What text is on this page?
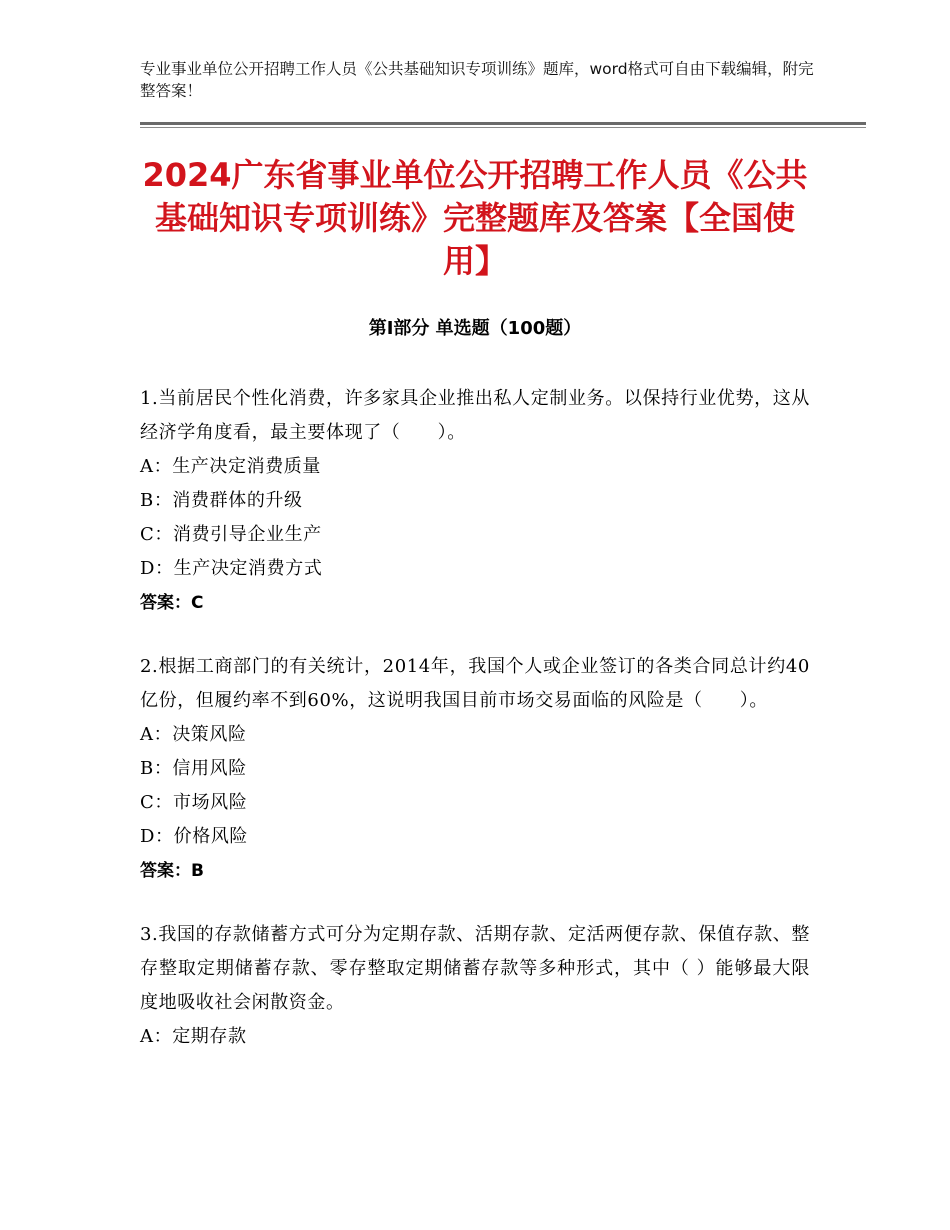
专业事业单位公开招聘工作人员《公共基础知识专项训练》题库，word格式可自由下载编辑，附完整答案！
2024广东省事业单位公开招聘工作人员《公共基础知识专项训练》完整题库及答案【全国使用】
第I部分 单选题（100题）
1.当前居民个性化消费，许多家具企业推出私人定制业务。以保持行业优势，这从经济学角度看，最主要体现了（　　）。
A：生产决定消费质量
B：消费群体的升级
C：消费引导企业生产
D：生产决定消费方式
答案：C
2.根据工商部门的有关统计，2014年，我国个人或企业签订的各类合同总计约40亿份，但履约率不到60%，这说明我国目前市场交易面临的风险是（　　）。
A：决策风险
B：信用风险
C：市场风险
D：价格风险
答案：B
3.我国的存款储蓄方式可分为定期存款、活期存款、定活两便存款、保值存款、整存整取定期储蓄存款、零存整取定期储蓄存款等多种形式，其中（ ）能够最大限度地吸收社会闲散资金。
A：定期存款
